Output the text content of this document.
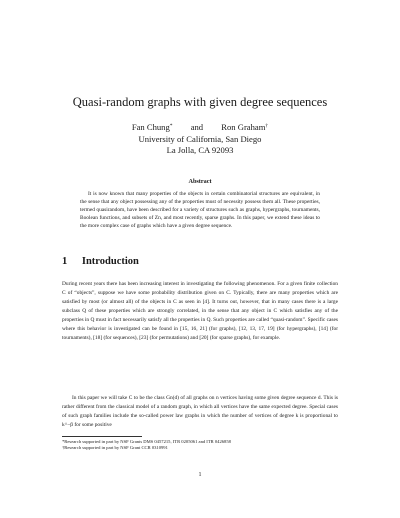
Quasi-random graphs with given degree sequences
Fan Chung* and Ron Graham†
University of California, San Diego
La Jolla, CA 92093
Abstract

It is now known that many properties of the objects in certain combinatorial structures are equivalent, in the sense that any object possessing any of the properties must of necessity possess them all. These properties, termed quasirandom, have been described for a variety of structures such as graphs, hypergraphs, tournaments, Boolean functions, and subsets of Zn, and most recently, sparse graphs. In this paper, we extend these ideas to the more complex case of graphs which have a given degree sequence.

1 Introduction

During recent years there has been increasing interest in investigating the following phenomenon. For a given finite collection C of “objects”, suppose we have some probability distribution given on C. Typically, there are many properties which are satisfied by most (or almost all) of the objects in C as seen in [4]. It turns out, however, that in many cases there is a large subclass Q of these properties which are strongly correlated, in the sense that any object in C which satisfies any of the properties in Q must in fact necessarily satisfy all the properties in Q. Such properties are called “quasi-random”. Specific cases where this behavior is investigated can be found in [15, 16, 21] (for graphs), [12, 13, 17, 19] (for hypergraphs), [14] (for tournaments), [18] (for sequences), [23] (for permutations) and [20] (for sparse graphs), for example.

In this paper we will take C to be the class Gn(d) of all graphs on n vertices having some given degree sequence d. This is rather different from the classical model of a random graph, in which all vertices have the same expected degree. Special cases of such graph families include the so-called power law graphs in which the number of vertices of degree k is proportional to k^−β for some positive

*Research supported in part by NSF Grants DMS 0457215, ITR 0205061 and ITR 0426858
†Research supported in part by NSF Grant CCR 0310991
1
